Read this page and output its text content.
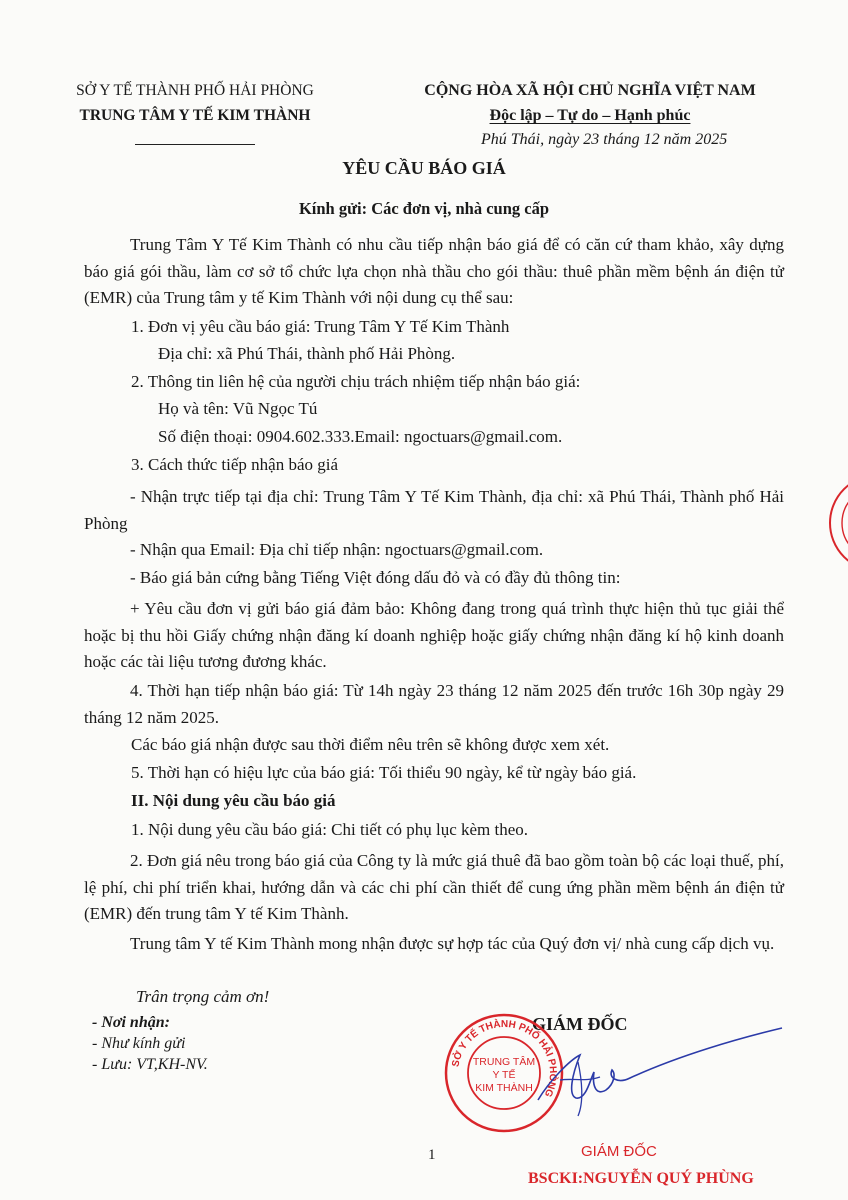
SỞ Y TẾ THÀNH PHỐ HẢI PHÒNG
TRUNG TÂM Y TẾ KIM THÀNH
CỘNG HÒA XÃ HỘI CHỦ NGHĨA VIỆT NAM
Độc lập – Tự do – Hạnh phúc
Phú Thái, ngày 23 tháng 12 năm 2025
YÊU CẦU BÁO GIÁ
Kính gửi: Các đơn vị, nhà cung cấp
Trung Tâm Y Tế Kim Thành có nhu cầu tiếp nhận báo giá để có căn cứ tham khảo, xây dựng báo giá gói thầu, làm cơ sở tổ chức lựa chọn nhà thầu cho gói thầu: thuê phần mềm bệnh án điện tử (EMR) của Trung tâm y tế Kim Thành với nội dung cụ thể sau:
1. Đơn vị yêu cầu báo giá: Trung Tâm Y Tế Kim Thành
Địa chỉ: xã Phú Thái, thành phố Hải Phòng.
2. Thông tin liên hệ của người chịu trách nhiệm tiếp nhận báo giá:
Họ và tên: Vũ Ngọc Tú
Số điện thoại: 0904.602.333.Email: ngoctuars@gmail.com.
3. Cách thức tiếp nhận báo giá
- Nhận trực tiếp tại địa chỉ: Trung Tâm Y Tế Kim Thành, địa chỉ: xã Phú Thái, Thành phố Hải Phòng
- Nhận qua Email: Địa chỉ tiếp nhận: ngoctuars@gmail.com.
- Báo giá bản cứng bằng Tiếng Việt đóng dấu đỏ và có đầy đủ thông tin:
+ Yêu cầu đơn vị gửi báo giá đảm bảo: Không đang trong quá trình thực hiện thủ tục giải thể hoặc bị thu hồi Giấy chứng nhận đăng kí doanh nghiệp hoặc giấy chứng nhận đăng kí hộ kinh doanh hoặc các tài liệu tương đương khác.
4. Thời hạn tiếp nhận báo giá: Từ 14h ngày 23 tháng 12 năm 2025 đến trước 16h 30p ngày 29 tháng 12 năm 2025.
Các báo giá nhận được sau thời điểm nêu trên sẽ không được xem xét.
5. Thời hạn có hiệu lực của báo giá: Tối thiểu 90 ngày, kể từ ngày báo giá.
II. Nội dung yêu cầu báo giá
1. Nội dung yêu cầu báo giá: Chi tiết có phụ lục kèm theo.
2. Đơn giá nêu trong báo giá của Công ty là mức giá thuê đã bao gồm toàn bộ các loại thuế, phí, lệ phí, chi phí triển khai, hướng dẫn và các chi phí cần thiết để cung ứng phần mềm bệnh án điện tử (EMR) đến trung tâm Y tế Kim Thành.
Trung tâm Y tế Kim Thành mong nhận được sự hợp tác của Quý đơn vị/ nhà cung cấp dịch vụ.
Trân trọng cảm ơn!
- Nơi nhận:
- Như kính gửi
- Lưu: VT,KH-NV.
GIÁM ĐỐC
SỞ Y TẾ THÀNH PHỐ HẢI PHÒNG
TRUNG TÂM
Y TẾ
KIM THÀNH
GIÁM ĐỐC
BSCKI:NGUYỄN QUÝ PHÙNG
1
